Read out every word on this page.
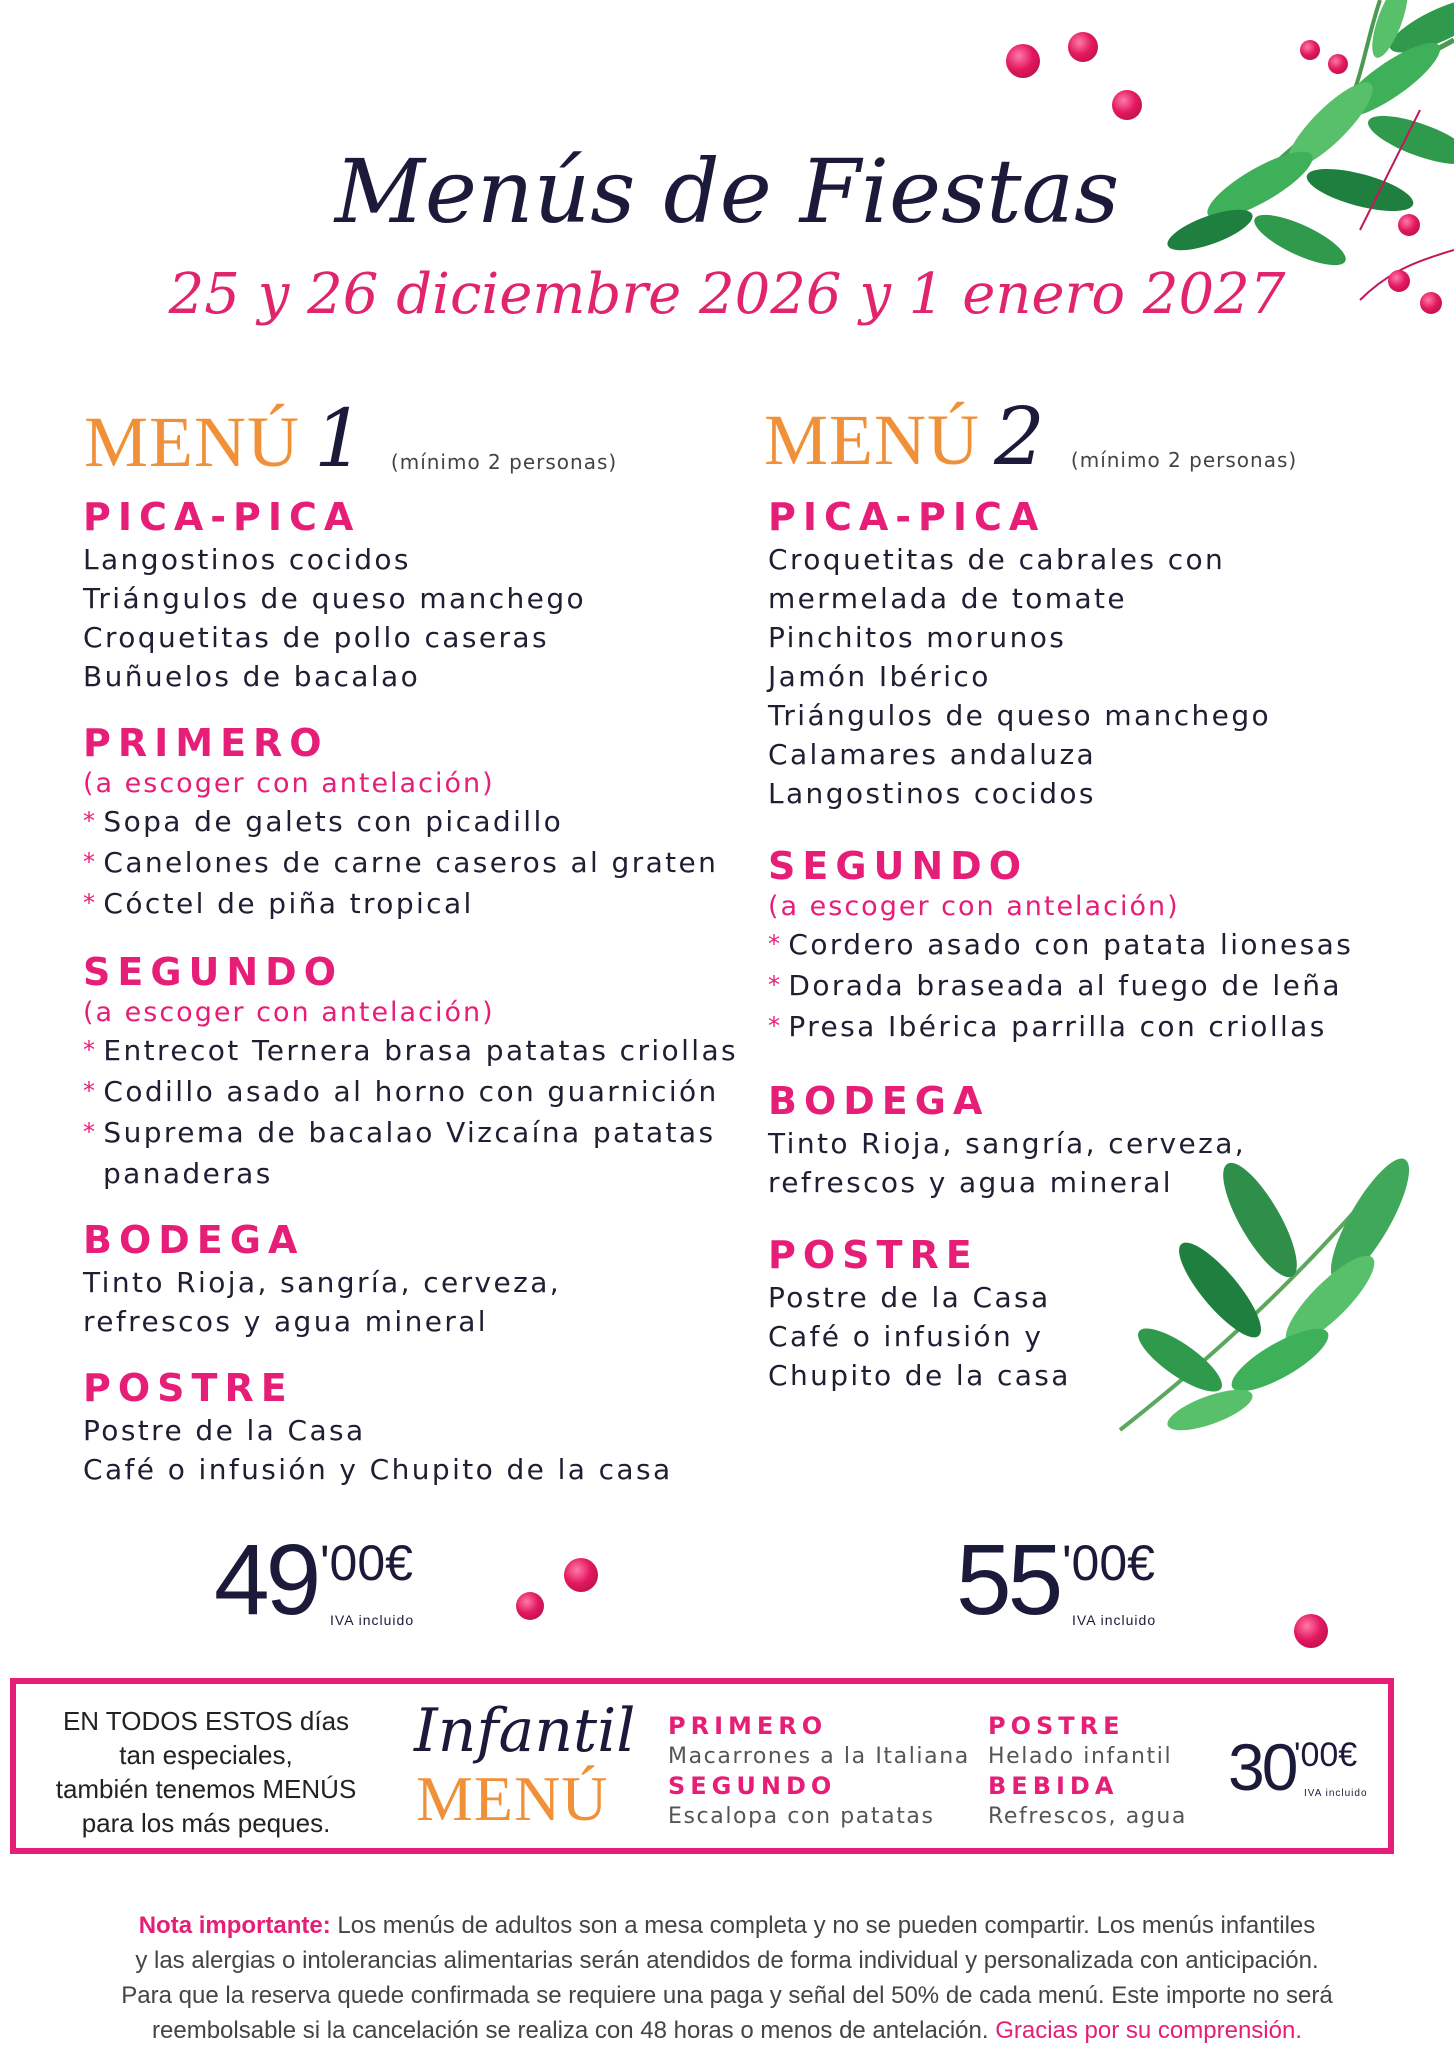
Menús de Fiestas
25 y 26 diciembre 2026 y 1 enero 2027
MENÚ 1 (mínimo 2 personas)
PICA-PICA
Langostinos cocidos
Triángulos de queso manchego
Croquetitas de pollo caseras
Buñuelos de bacalao
PRIMERO
(a escoger con antelación)
* Sopa de galets con picadillo
* Canelones de carne caseros al graten
* Cóctel de piña tropical
SEGUNDO
(a escoger con antelación)
* Entrecot Ternera brasa patatas criollas
* Codillo asado al horno con guarnición
* Suprema de bacalao Vizcaína patatas
panaderas
BODEGA
Tinto Rioja, sangría, cerveza,
refrescos y agua mineral
POSTRE
Postre de la Casa
Café o infusión y Chupito de la casa
MENÚ 2 (mínimo 2 personas)
PICA-PICA
Croquetitas de cabrales con
mermelada de tomate
Pinchitos morunos
Jamón Ibérico
Triángulos de queso manchego
Calamares andaluza
Langostinos cocidos
SEGUNDO
(a escoger con antelación)
* Cordero asado con patata lionesas
* Dorada braseada al fuego de leña
* Presa Ibérica parrilla con criollas
BODEGA
Tinto Rioja, sangría, cerveza,
refrescos y agua mineral
POSTRE
Postre de la Casa
Café o infusión y
Chupito de la casa
49 '00€
IVA incluido	55 '00€
IVA incluido
EN TODOS ESTOS días
tan especiales,
también tenemos MENÚS
para los más peques.
Infantil
MENÚ
PRIMERO
Macarrones a la Italiana
SEGUNDO
Escalopa con patatas
POSTRE
Helado infantil
BEBIDA
Refrescos, agua
30
'00€
IVA incluido
Nota importante: Los menús de adultos son a mesa completa y no se pueden compartir. Los menús infantiles
y las alergias o intolerancias alimentarias serán atendidos de forma individual y personalizada con anticipación.
Para que la reserva quede confirmada se requiere una paga y señal del 50% de cada menú. Este importe no será
reembolsable si la cancelación se realiza con 48 horas o menos de antelación. Gracias por su comprensión.
